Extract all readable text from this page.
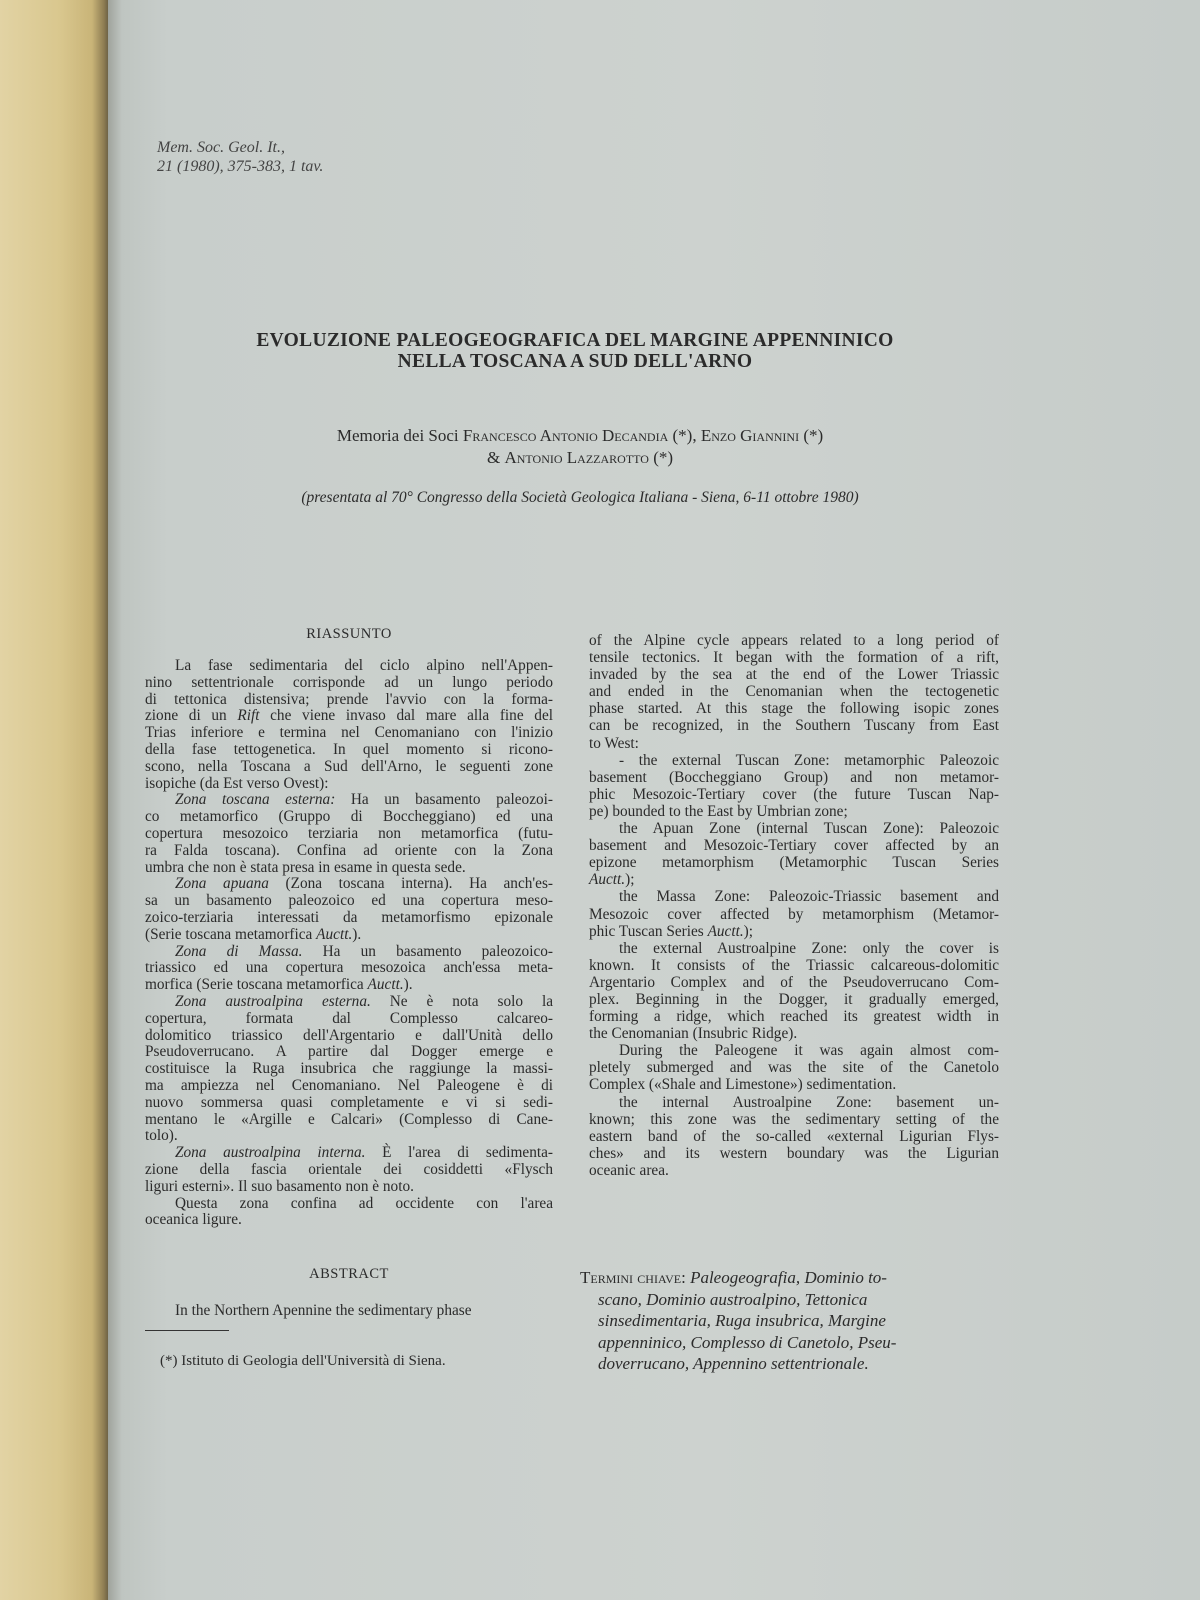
Mem. Soc. Geol. It.,
21 (1980), 375-383, 1 tav.
EVOLUZIONE PALEOGEOGRAFICA DEL MARGINE APPENNINICO
NELLA TOSCANA A SUD DELL'ARNO
Memoria dei Soci Francesco Antonio Decandia (*), Enzo Giannini (*)
& Antonio Lazzarotto (*)
(presentata al 70° Congresso della Società Geologica Italiana - Siena, 6-11 ottobre 1980)
RIASSUNTO
La fase sedimentaria del ciclo alpino nell'Appen-
nino settentrionale corrisponde ad un lungo periodo
di tettonica distensiva; prende l'avvio con la forma-
zione di un Rift che viene invaso dal mare alla fine del
Trias inferiore e termina nel Cenomaniano con l'inizio
della fase tettogenetica. In quel momento si ricono-
scono, nella Toscana a Sud dell'Arno, le seguenti zone
isopiche (da Est verso Ovest):
Zona toscana esterna: Ha un basamento paleozoi-
co metamorfico (Gruppo di Boccheggiano) ed una
copertura mesozoico terziaria non metamorfica (futu-
ra Falda toscana). Confina ad oriente con la Zona
umbra che non è stata presa in esame in questa sede.
Zona apuana (Zona toscana interna). Ha anch'es-
sa un basamento paleozoico ed una copertura meso-
zoico-terziaria interessati da metamorfismo epizonale
(Serie toscana metamorfica Auctt.).
Zona di Massa. Ha un basamento paleozoico-
triassico ed una copertura mesozoica anch'essa meta-
morfica (Serie toscana metamorfica Auctt.).
Zona austroalpina esterna. Ne è nota solo la
copertura, formata dal Complesso calcareo-
dolomitico triassico dell'Argentario e dall'Unità dello
Pseudoverrucano. A partire dal Dogger emerge e
costituisce la Ruga insubrica che raggiunge la massi-
ma ampiezza nel Cenomaniano. Nel Paleogene è di
nuovo sommersa quasi completamente e vi si sedi-
mentano le «Argille e Calcari» (Complesso di Cane-
tolo).
Zona austroalpina interna. È l'area di sedimenta-
zione della fascia orientale dei cosiddetti «Flysch
liguri esterni». Il suo basamento non è noto.
Questa zona confina ad occidente con l'area
oceanica ligure.
ABSTRACT
In the Northern Apennine the sedimentary phase
of the Alpine cycle appears related to a long period of
tensile tectonics. It began with the formation of a rift,
invaded by the sea at the end of the Lower Triassic
and ended in the Cenomanian when the tectogenetic
phase started. At this stage the following isopic zones
can be recognized, in the Southern Tuscany from East
to West:
- the external Tuscan Zone: metamorphic Paleozoic
basement (Boccheggiano Group) and non metamor-
phic Mesozoic-Tertiary cover (the future Tuscan Nap-
pe) bounded to the East by Umbrian zone;
the Apuan Zone (internal Tuscan Zone): Paleozoic
basement and Mesozoic-Tertiary cover affected by an
epizone metamorphism (Metamorphic Tuscan Series
Auctt.);
the Massa Zone: Paleozoic-Triassic basement and
Mesozoic cover affected by metamorphism (Metamor-
phic Tuscan Series Auctt.);
the external Austroalpine Zone: only the cover is
known. It consists of the Triassic calcareous-dolomitic
Argentario Complex and of the Pseudoverrucano Com-
plex. Beginning in the Dogger, it gradually emerged,
forming a ridge, which reached its greatest width in
the Cenomanian (Insubric Ridge).
During the Paleogene it was again almost com-
pletely submerged and was the site of the Canetolo
Complex («Shale and Limestone») sedimentation.
the internal Austroalpine Zone: basement un-
known; this zone was the sedimentary setting of the
eastern band of the so-called «external Ligurian Flys-
ches» and its western boundary was the Ligurian
oceanic area.
(*) Istituto di Geologia dell'Università di Siena.
Termini chiave: Paleogeografia, Dominio to-
scano, Dominio austroalpino, Tettonica
sinsedimentaria, Ruga insubrica, Margine
appenninico, Complesso di Canetolo, Pseu-
doverrucano, Appennino settentrionale.
